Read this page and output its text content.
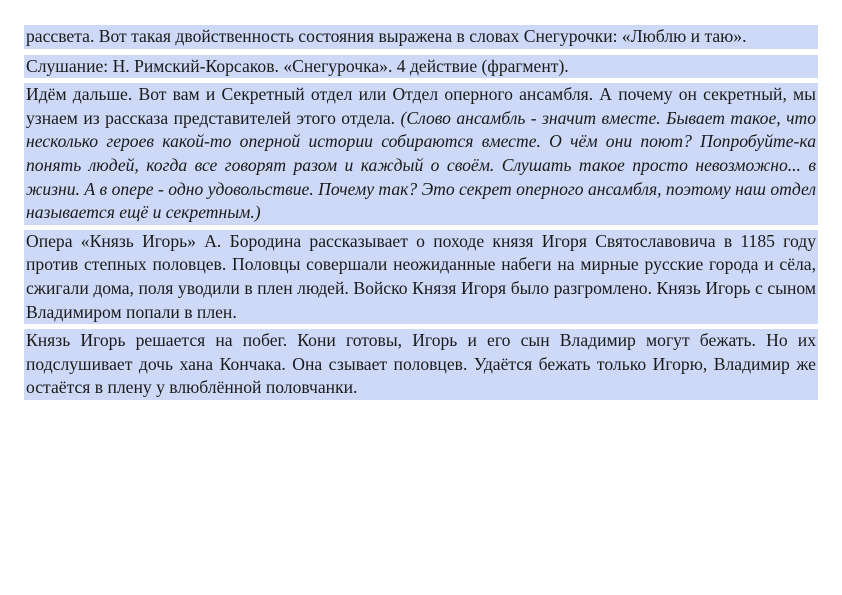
рассвета. Вот такая двойственность состояния выражена в словах Снегурочки: «Люблю и таю».

Слушание: Н. Римский-Корсаков. «Снегурочка». 4 действие (фрагмент).

Идём дальше. Вот вам и Секретный отдел или Отдел оперного ансамбля. А почему он секретный, мы узнаем из рассказа представителей этого отдела. (Слово ансамбль - значит вместе. Бывает такое, что несколько героев какой-то оперной истории собираются вместе. О чём они поют? Попробуйте-ка понять людей, когда все говорят разом и каждый о своём. Слушать такое просто невозможно... в жизни. А в опере - одно удовольствие. Почему так? Это секрет оперного ансамбля, поэтому наш отдел называется ещё и секретным.)

Опера «Князь Игорь» А. Бородина рассказывает о походе князя Игоря Святославовича в 1185 году против степных половцев. Половцы совершали неожиданные набеги на мирные русские города и сёла, сжигали дома, поля уводили в плен людей. Войско Князя Игоря было разгромлено. Князь Игорь с сыном Владимиром попали в плен.

Князь Игорь решается на побег. Кони готовы, Игорь и его сын Владимир могут бежать. Но их подслушивает дочь хана Кончака. Она сзывает половцев. Удаётся бежать только Игорю, Владимир же остаётся в плену у влюблённой половчанки.
